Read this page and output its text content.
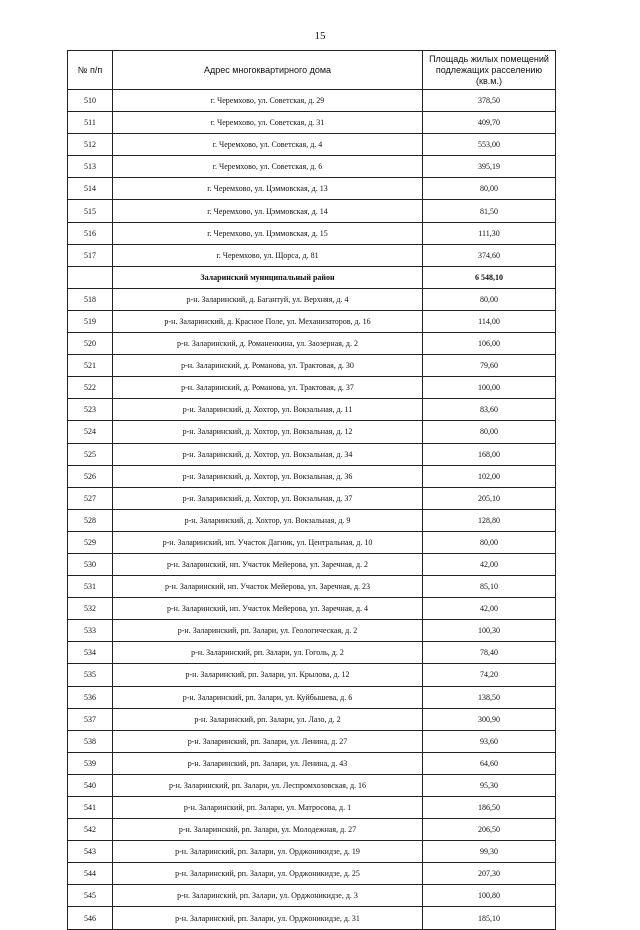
15
№ п/п	Адрес многоквартирного дома	Площадь жилых помещений подлежащих расселению (кв.м.)
510	г. Черемхово, ул. Советская, д. 29	378,50
511	г. Черемхово, ул. Советская, д. 31	409,70
512	г. Черемхово, ул. Советская, д. 4	553,00
513	г. Черемхово, ул. Советская, д. 6	395,19
514	г. Черемхово, ул. Цэммовская, д. 13	80,00
515	г. Черемхово, ул. Цэммовская, д. 14	81,50
516	г. Черемхово, ул. Цэммовская, д. 15	111,30
517	г. Черемхово, ул. Щорса, д. 81	374,60
	Заларинский муниципальный район	6 548,10
518	р-н. Заларинский, д. Багантуй, ул. Верхняя, д. 4	80,00
519	р-н. Заларинский, д. Красное Поле, ул. Механизаторов, д. 16	114,00
520	р-н. Заларинский, д. Романенкина, ул. Заозерная, д. 2	106,00
521	р-н. Заларинский, д. Романова, ул. Трактовая, д. 30	79,60
522	р-н. Заларинский, д. Романова, ул. Трактовая, д. 37	100,00
523	р-н. Заларинский, д. Хохтор, ул. Вокзальная, д. 11	83,60
524	р-н. Заларинский, д. Хохтор, ул. Вокзальная, д. 12	80,00
525	р-н. Заларинский, д. Хохтор, ул. Вокзальная, д. 34	168,00
526	р-н. Заларинский, д. Хохтор, ул. Вокзальная, д. 36	102,00
527	р-н. Заларинский, д. Хохтор, ул. Вокзальная, д. 37	205,10
528	р-н. Заларинский, д. Хохтор, ул. Вокзальная, д. 9	128,80
529	р-н. Заларинский, нп. Участок Дагник, ул. Центральная, д. 10	80,00
530	р-н. Заларинский, нп. Участок Мейерова, ул. Заречная, д. 2	42,00
531	р-н. Заларинский, нп. Участок Мейерова, ул. Заречная, д. 23	85,10
532	р-н. Заларинский, нп. Участок Мейерова, ул. Заречная, д. 4	42,00
533	р-н. Заларинский, рп. Залари, ул. Геологическая, д. 2	100,30
534	р-н. Заларинский, рп. Залари, ул. Гоголь, д. 2	78,40
535	р-н. Заларинский, рп. Залари, ул. Крылова, д. 12	74,20
536	р-н. Заларинский, рп. Залари, ул. Куйбышева, д. 6	138,50
537	р-н. Заларинский, рп. Залари, ул. Лазо, д. 2	300,90
538	р-н. Заларинский, рп. Залари, ул. Ленина, д. 27	93,60
539	р-н. Заларинский, рп. Залари, ул. Ленина, д. 43	64,60
540	р-н. Заларинский, рп. Залари, ул. Леспромхозовская, д. 16	95,30
541	р-н. Заларинский, рп. Залари, ул. Матросова, д. 1	186,50
542	р-н. Заларинский, рп. Залари, ул. Молодежная, д. 27	206,50
543	р-н. Заларинский, рп. Залари, ул. Орджоникидзе, д. 19	99,30
544	р-н. Заларинский, рп. Залари, ул. Орджоникидзе, д. 25	207,30
545	р-н. Заларинский, рп. Залари, ул. Орджоникидзе, д. 3	100,80
546	р-н. Заларинский, рп. Залари, ул. Орджоникидзе, д. 31	185,10
